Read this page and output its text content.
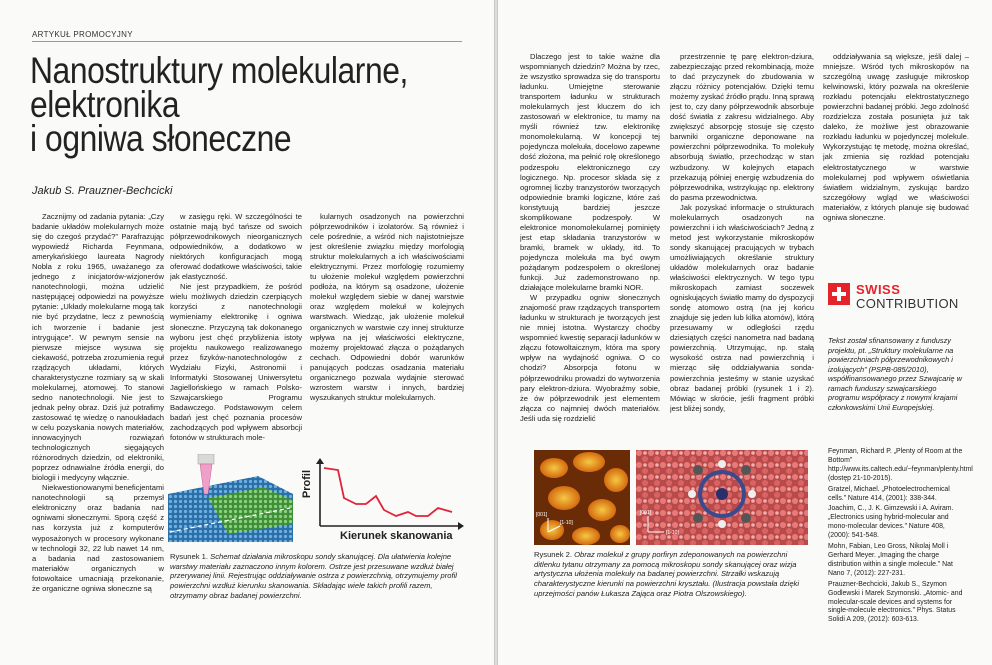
ARTYKUŁ PROMOCYJNY
Nanostruktury molekularne,
elektronika
i ogniwa słoneczne
Jakub S. Prauzner-Bechcicki

Zacznijmy od zadania pytania: „Czy badanie układów molekularnych może się do czegoś przydać?” Parafrazując wypowiedź Richarda Feynmana, amerykańskiego laureata Nagrody Nobla z roku 1965, uważanego za jednego z inicjatorów-wizjonerów nanotechnologii, można udzielić następującej odpowiedzi na powyższe pytanie: „Układy molekularne mogą tak nie być przydatne, lecz z pewnością ich tworzenie i badanie jest intrygujące”. W pewnym sensie na pierwsze miejsce wysuwa się ciekawość, potrzeba zrozumienia reguł rządzących układami, których charakterystyczne rozmiary są w skali molekularnej, atomowej. To stanowi sedno nanotechnologii. Nie jest to jednak pełny obraz. Dziś już potrafimy zastosować tę wiedzę o nanoukładach w celu pozyskania nowych materiałów, innowacyjnych rozwiązań technologicznych sięgających różnorodnych dziedzin, od elektroniki, poprzez odnawialne źródła energii, do biologii i medycyny włącznie.

Niekwestionowanymi beneficjentami nanotechnologii są przemysł elektroniczny oraz badania nad ogniwami słonecznymi. Sporą część z nas korzysta już z komputerów wyposażonych w procesory wykonane w technologii 32, 22 lub nawet 14 nm, a badania nad zastosowaniem materiałów organicznych w fotowoltaice umacniają przekonanie, że organiczne ogniwa słoneczne są

w zasięgu ręki. W szczególności te ostatnie mają być tańsze od swoich półprzewodnikowych nieorganicznych odpowiedników, a dodatkowo w niektórych konfiguracjach mogą oferować dodatkowe właściwości, takie jak elastyczność.

Nie jest przypadkiem, że pośród wielu możliwych dziedzin czerpiących korzyści z nanotechnologii wymieniamy elektronikę i ogniwa słoneczne. Przyczyną tak dokonanego wyboru jest chęć przybliżenia istoty projektu naukowego realizowanego przez fizyków-nanotechnologów z Wydziału Fizyki, Astronomii i Informatyki Stosowanej Uniwersytetu Jagiellońskiego w ramach Polsko-Szwajcarskiego Programu Badawczego. Podstawowym celem badań jest chęć poznania procesów zachodzących pod wpływem absorbcji fotonów w strukturach mole-

kularnych osadzonych na powierzchni półprzewodników i izolatorów. Są również i cele pośrednie, a wśród nich najistotniejsze jest określenie związku między morfologią struktur molekularnych a ich właściwościami elektrycznymi. Przez morfologię rozumiemy tu ułożenie molekuł względem powierzchni podłoża, na którym są osadzone, ułożenie molekuł względem siebie w danej warstwie oraz względem molekuł w kolejnych warstwach. Wiedząc, jak ułożenie molekuł organicznych w warstwie czy innej strukturze wpływa na jej właściwości elektryczne, możemy projektować złącza o pożądanych cechach. Odpowiedni dobór warunków panujących podczas osadzania materiału organicznego pozwala wydajnie sterować wzrostem warstw i innych, bardziej wyszukanych struktur molekularnych.

Profil
Kierunek skanowania
Rysunek 1. Schemat działania mikroskopu sondy skanującej. Dla ułatwienia kolejne warstwy materiału zaznaczono innym kolorem. Ostrze jest przesuwane wzdłuż białej przerywanej linii. Rejestrując oddziaływanie ostrza z powierzchnią, otrzymujemy profil powierzchni wzdłuż kierunku skanowania. Składając wiele takich profili razem, otrzymamy obraz badanej powierzchni.

Dlaczego jest to takie ważne dla wspomnianych dziedzin? Można by rzec, że wszystko sprowadza się do transportu ładunku. Umiejętne sterowanie transportem ładunku w strukturach molekularnych jest kluczem do ich zastosowań w elektronice, tu mamy na myśli również tzw. elektronikę monomolekularną. W koncepcji tej pojedyncza molekuła, docelowo zapewne dość złożona, ma pełnić rolę określonego podzespołu elektronicznego czy logicznego. Np. procesor składa się z ogromnej liczby tranzystorów tworzących odpowiednie bramki logiczne, które zaś konstytuują bardziej jeszcze skomplikowane podzespoły. W elektronice monomolekularnej pominięty jest etap składania tranzystorów w bramki, bramek w układy, itd. To pojedyncza molekuła ma być owym pożądanym podzespołem o określonej funkcji. Już zademonstrowano np. działające molekularne bramki NOR.

W przypadku ogniw słonecznych znajomość praw rządzących transportem ładunku w strukturach je tworzących jest nie mniej istotna. Wystarczy choćby wspomnieć kwestię separacji ładunków w złączu fotowoltaicznym, która ma spory wpływ na wydajność ogniwa. O co chodzi? Absorpcja fotonu w półprzewodniku prowadzi do wytworzenia pary elektron-dziura. Wyobraźmy sobie, że ów półprzewodnik jest elementem złącza co najmniej dwóch materiałów. Jeśli uda się rozdzielić

przestrzennie tę parę elektron-dziura, zabezpieczając przed rekombinacją, może to dać przyczynek do zbudowania w złączu różnicy potencjałów. Dzięki temu możemy zyskać źródło prądu. Inną sprawą jest to, czy dany półprzewodnik absorbuje dość światła z zakresu widzialnego. Aby zwiększyć absorpcję stosuje się często barwniki organiczne deponowane na powierzchni półprzewodnika. To molekuły absorbują światło, przechodząc w stan wzbudzony. W kolejnych etapach przekazują półniej energię wzbudzenia do półprzewodnika, wstrzykując np. elektrony do pasma przewodnictwa.

Jak pozyskać informacje o strukturach molekularnych osadzonych na powierzchni i ich właściwościach? Jedną z metod jest wykorzystanie mikroskopów sondy skanującej pracujących w trybach umożliwiających określanie struktury układów molekularnych oraz badanie właściwości elektrycznych. W tego typu mikroskopach zamiast soczewek ogniskujących światło mamy do dyspozycji sondę atomowo ostrą (na jej końcu znajduje się jeden lub kilka atomów), którą przesuwamy w odległości rzędu dziesiątych części nanometra nad badaną powierzchnią. Utrzymując, np. stałą wysokość ostrza nad powierzchnią i mierząc siłę oddziaływania sonda-powierzchnia jesteśmy w stanie uzyskać obraz badanej próbki (rysunek 1 i 2). Mówiąc w skrócie, jeśli fragment próbki jest bliżej sondy,

oddziaływania są większe, jeśli dalej – mniejsze. Wśród tych mikroskopów na szczególną uwagę zasługuje mikroskop kelwinowski, który pozwala na określenie rozkładu potencjału elektrostatycznego powierzchni badanej próbki. Jego zdolność rozdzielcza została posunięta już tak daleko, że możliwe jest obrazowanie rozkładu ładunku w pojedynczej molekule. Wykorzystując tę metodę, można określać, jak zmienia się rozkład potencjału elektrostatycznego w warstwie molekularnej pod wpływem oświetlania światłem widzialnym, zyskując bardzo szczegółowy wgląd we właściwości materiałów, z których planuje się budować ogniwa słoneczne.

SWISS
CONTRIBUTION
Tekst został sfinansowany z funduszy projektu, pt. „Struktury molekularne na powierzchniach półprzewodnikowych i izolujących” (PSPB-085/2010), współfinansowanego przez Szwajcarię w ramach funduszy szwajcarskiego programu współpracy z nowymi krajami członkowskimi Unii Europejskiej.

Feynman, Richard P. „Plenty of Room at the Bottom” http://www.its.caltech.edu/~feynman/plenty.html (dostęp 21-10-2015).

Gratzel, Michael. „Photoelectrochemical cells.” Nature 414, (2001): 338-344.

Joachim, C., J. K. Gimzewski i A. Aviram. „Electronics using hybrid-molecular and mono-molecular devices.” Nature 408, (2000): 541-548.

Mohn, Fabian, Leo Gross, Nikolaj Moll i Gerhard Meyer. „Imaging the charge distribution within a single molecule.” Nat Nano 7, (2012): 227-231.

Prauzner-Bechcicki, Jakub S., Szymon Godlewski i Marek Szymonski. „Atomic- and molecular-scale devices and systems for single-molecule electronics.” Phys. Status Solidi A 209, (2012): 603-613.

[001]
[1-10]
[001]
[1-10]
Rysunek 2. Obraz molekuł z grupy porfiryn zdeponowanych na powierzchni ditlenku tytanu otrzymany za pomocą mikroskopu sondy skanującej oraz wizja artystyczna ułożenia molekuły na badanej powierzchni. Strzałki wskazują charakterystyczne kierunki na powierzchni kryształu. (Ilustracja powstała dzięki uprzejmości panów Łukasza Zająca oraz Piotra Olszowskiego).
